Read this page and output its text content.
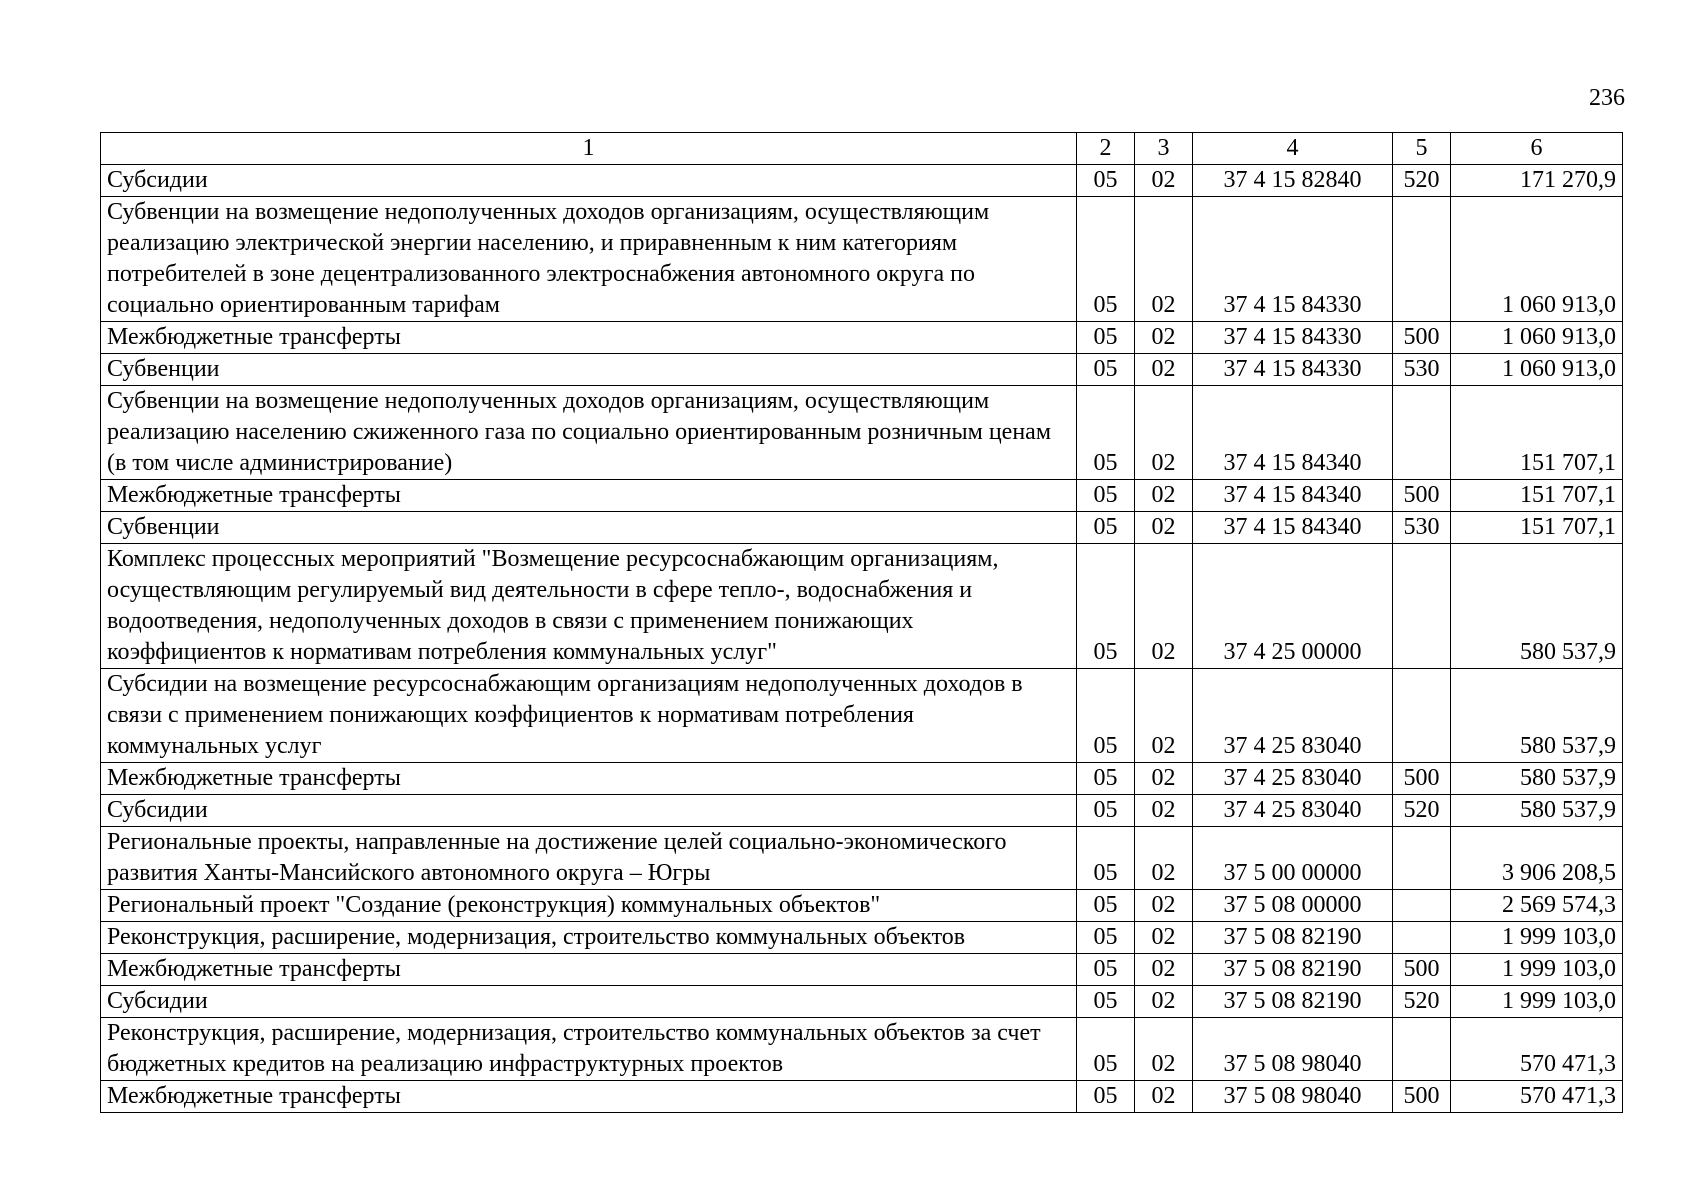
236
1	2	3	4	5	6
Субсидии	05	02	37 4 15 82840	520	171 270,9
Субвенции на возмещение недополученных доходов организациям, осуществляющим реализацию электрической энергии населению, и приравненным к ним категориям потребителей в зоне децентрализованного электроснабжения автономного округа по социально ориентированным тарифам	05	02	37 4 15 84330		1 060 913,0
Межбюджетные трансферты	05	02	37 4 15 84330	500	1 060 913,0
Субвенции	05	02	37 4 15 84330	530	1 060 913,0
Субвенции на возмещение недополученных доходов организациям, осуществляющим реализацию населению сжиженного газа по социально ориентированным розничным ценам (в том числе администрирование)	05	02	37 4 15 84340		151 707,1
Межбюджетные трансферты	05	02	37 4 15 84340	500	151 707,1
Субвенции	05	02	37 4 15 84340	530	151 707,1
Комплекс процессных мероприятий "Возмещение ресурсоснабжающим организациям, осуществляющим регулируемый вид деятельности в сфере тепло-, водоснабжения и водоотведения, недополученных доходов в связи с применением понижающих коэффициентов к нормативам потребления коммунальных услуг"	05	02	37 4 25 00000		580 537,9
Субсидии на возмещение ресурсоснабжающим организациям недополученных доходов в связи с применением понижающих коэффициентов к нормативам потребления коммунальных услуг	05	02	37 4 25 83040		580 537,9
Межбюджетные трансферты	05	02	37 4 25 83040	500	580 537,9
Субсидии	05	02	37 4 25 83040	520	580 537,9
Региональные проекты, направленные на достижение целей социально-экономического развития Ханты-Мансийского автономного округа – Югры	05	02	37 5 00 00000		3 906 208,5
Региональный проект "Создание (реконструкция) коммунальных объектов"	05	02	37 5 08 00000		2 569 574,3
Реконструкция, расширение, модернизация, строительство коммунальных объектов	05	02	37 5 08 82190		1 999 103,0
Межбюджетные трансферты	05	02	37 5 08 82190	500	1 999 103,0
Субсидии	05	02	37 5 08 82190	520	1 999 103,0
Реконструкция, расширение, модернизация, строительство коммунальных объектов за счет бюджетных кредитов на реализацию инфраструктурных проектов	05	02	37 5 08 98040		570 471,3
Межбюджетные трансферты	05	02	37 5 08 98040	500	570 471,3
